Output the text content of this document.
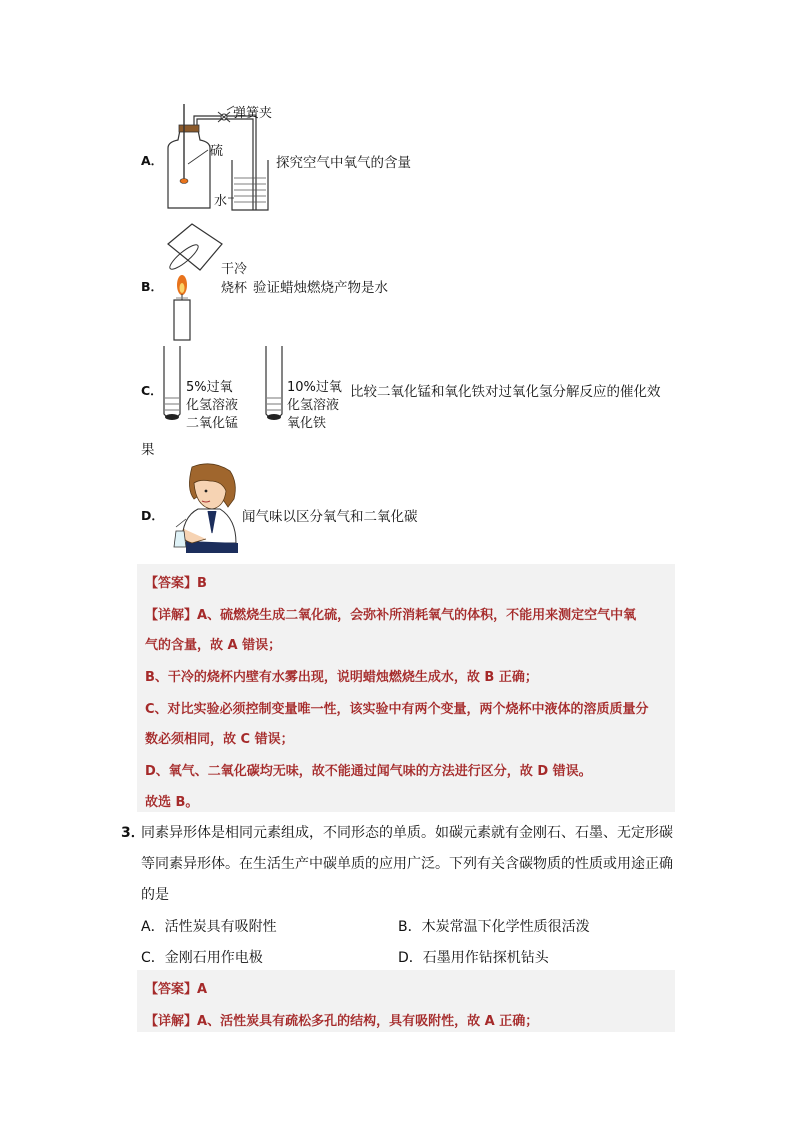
A．
弹簧夹
硫
水
探究空气中氧气的含量
B．
干冷
烧杯 验证蜡烛燃烧产物是水
C． 5%过氧
化氢溶液
二氧化锰
10%过氧
化氢溶液
氧化铁
比较二氧化锰和氧化铁对过氧化氢分解反应的催化效
果
D．	闻气味以区分氧气和二氧化碳
【答案】B
【详解】A、硫燃烧生成二氧化硫，会弥补所消耗氧气的体积，不能用来测定空气中氧
气的含量，故 A 错误；
B、干冷的烧杯内壁有水雾出现，说明蜡烛燃烧生成水，故 B 正确；
C、对比实验必须控制变量唯一性，该实验中有两个变量，两个烧杯中液体的溶质质量分
数必须相同，故 C 错误；
D、氧气、二氧化碳均无味，故不能通过闻气味的方法进行区分，故 D 错误。
故选 B。
3．
同素异形体是相同元素组成，不同形态的单质。如碳元素就有金刚石、石墨、无定形碳
等同素异形体。在生活生产中碳单质的应用广泛。下列有关含碳物质的性质或用途正确
的是
A．活性炭具有吸附性	B．木炭常温下化学性质很活泼
C．金刚石用作电极	D．石墨用作钻探机钻头
【答案】A
【详解】A、活性炭具有疏松多孔的结构，具有吸附性，故 A 正确；
